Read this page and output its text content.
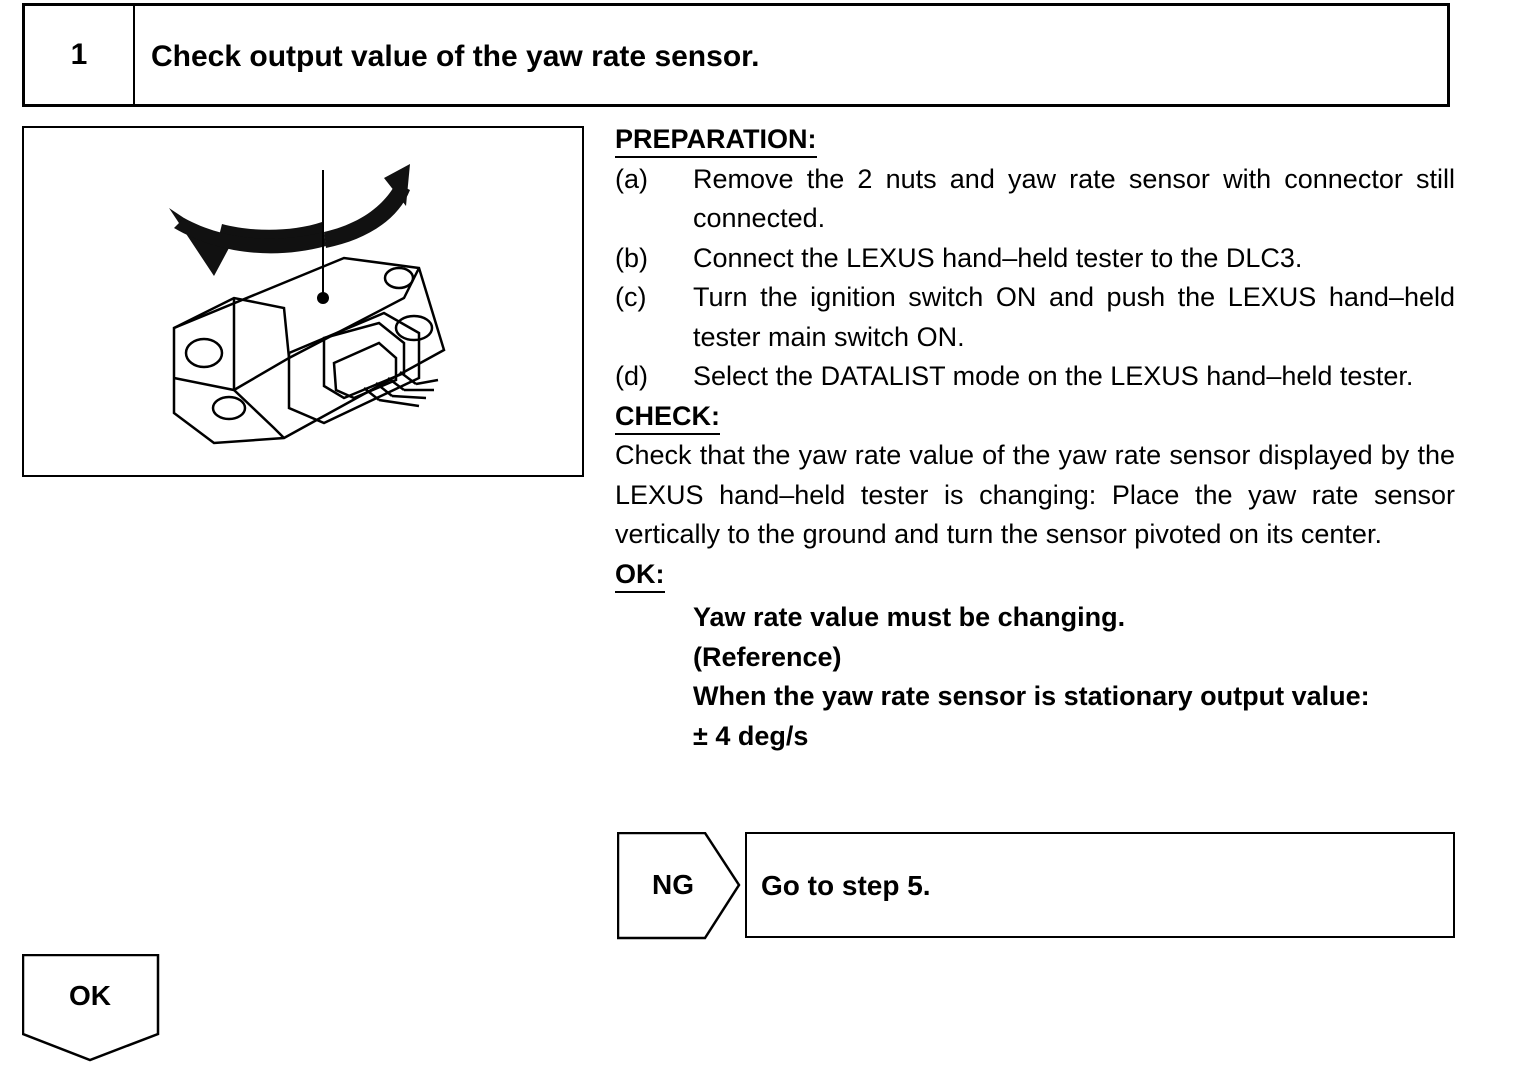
1	Check output value of the yaw rate sensor.
PREPARATION:
(a) Remove the 2 nuts and yaw rate sensor with connector still connected.
(b) Connect the LEXUS hand–held tester to the DLC3.
(c) Turn the ignition switch ON and push the LEXUS hand–held tester main switch ON.
(d) Select the DATALIST mode on the LEXUS hand–held tester.
CHECK:
Check that the yaw rate value of the yaw rate sensor displayed by the LEXUS hand–held tester is changing: Place the yaw rate sensor vertically to the ground and turn the sensor pivoted on its center.
OK:
Yaw rate value must be changing.
(Reference)
When the yaw rate sensor is stationary output value:
± 4 deg/s
NG	Go to step 5.
OK
